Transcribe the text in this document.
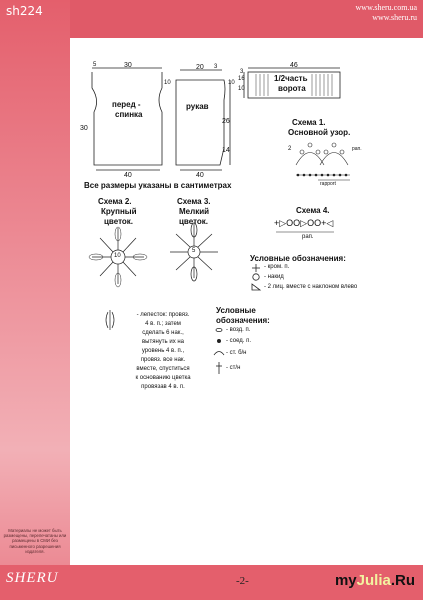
sh224	www.sheru.com.ua
www.sheru.ru
5	30
30
10
40
перед -
спинка
20 3
10
26
14
40
рукав
46
3
16
10
1/2часть
ворота
Все размеры указаны в сантиметрах
Схема 1.
Основной узор.
2	рап.
rapport
Схема 2.
Крупный
цветок.
10
Схема 3.
Мелкий
цветок.
5
Схема 4.
+▷OO▷OO+◁
рап.
Условные обозначения:
- кром. п.
- накид
- 2 лиц. вместе с наклоном влево
Условные
обозначения:
- возд. п.
- соед. п.
- ст. б/н
- ст/н
- лепесток: провяз.
4 в. п.; затем
сделать 6 нак.,
вытянуть их на
уровень 4 в. п.,
провяз. все нак.
вместе, спуститься
к основанию цветка
провязав 4 в. п.
Материалы не может быть размещены, перепечатаны или размещены в СМИ без письменного разрешения издателя.
SHERU	-2-	myJulia.Ru
